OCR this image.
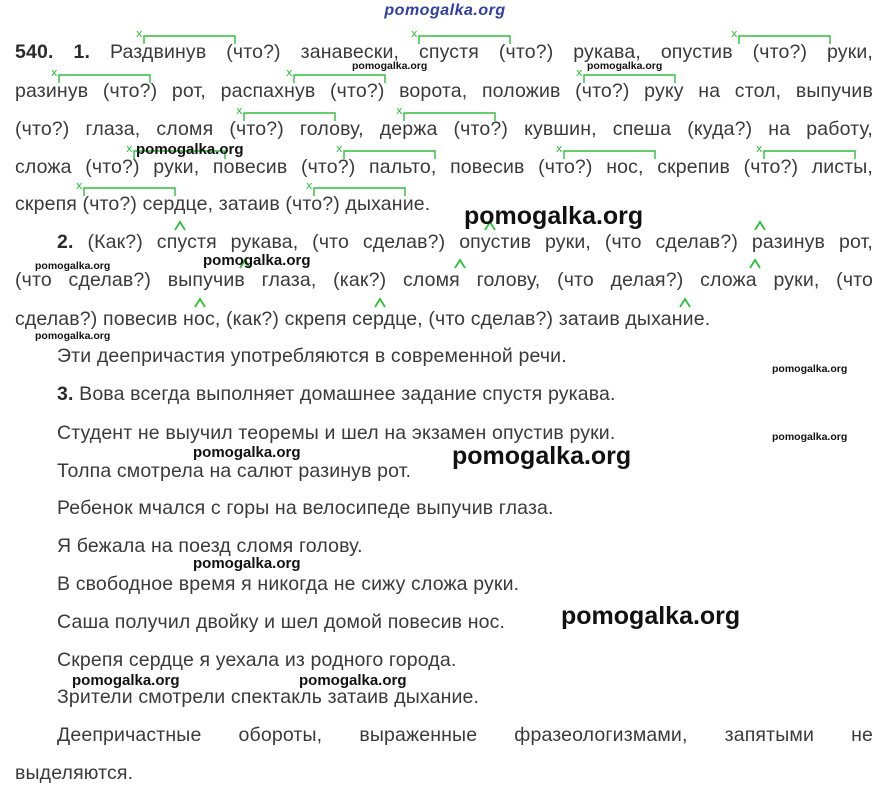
pomogalka.org
x	x	x
x	x	x
x	x
x	x	x	x
x	x
540. 1. Раздвинув (что?) занавески, спустя (что?) рукава, опустив (что?) руки,
разинув (что?) рот, распахнув (что?) ворота, положив (что?) руку на стол, выпучив
(что?) глаза, сломя (что?) голову, держа (что?) кувшин, спеша (куда?) на работу,
сложа (что?) руки, повесив (что?) пальто, повесив (что?) нос, скрепив (что?) листы,
скрепя (что?) сердце, затаив (что?) дыхание.
2. (Как?) спустя рукава, (что сделав?) опустив руки, (что сделав?) разинув рот,
(что сделав?) выпучив глаза, (как?) сломя голову, (что делая?) сложа руки, (что
сделав?) повесив нос, (как?) скрепя сердце, (что сделав?) затаив дыхание.
Эти деепричастия употребляются в современной речи.
3. Вова всегда выполняет домашнее задание спустя рукава.
Студент не выучил теоремы и шел на экзамен опустив руки.
Толпа смотрела на салют разинув рот.
Ребенок мчался с горы на велосипеде выпучив глаза.
Я бежала на поезд сломя голову.
В свободное время я никогда не сижу сложа руки.
Саша получил двойку и шел домой повесив нос.
Скрепя сердце я уехала из родного города.
Зрители смотрели спектакль затаив дыхание.
Деепричастные обороты, выраженные фразеологизмами, запятыми не
выделяются.
pomogalka.org	pomogalka.org
pomogalka.org
pomogalka.org
pomogalka.org
pomogalka.org
pomogalka.org
pomogalka.org
pomogalka.org
pomogalka.org	pomogalka.org
pomogalka.org
pomogalka.org
pomogalka.org	pomogalka.org
